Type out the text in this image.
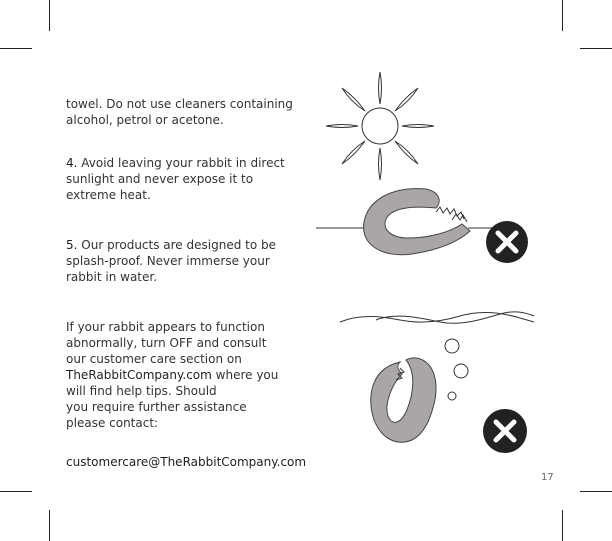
towel. Do not use cleaners containing

alcohol, petrol or acetone.

4. Avoid leaving your rabbit in direct

sunlight and never expose it to

extreme heat.

5. Our products are designed to be

splash-proof. Never immerse your

rabbit in water.

If your rabbit appears to function

abnormally, turn OFF and consult

our customer care section on

TheRabbitCompany.com where you

will find help tips. Should

you require further assistance

please contact:

customercare@TheRabbitCompany.com

17
